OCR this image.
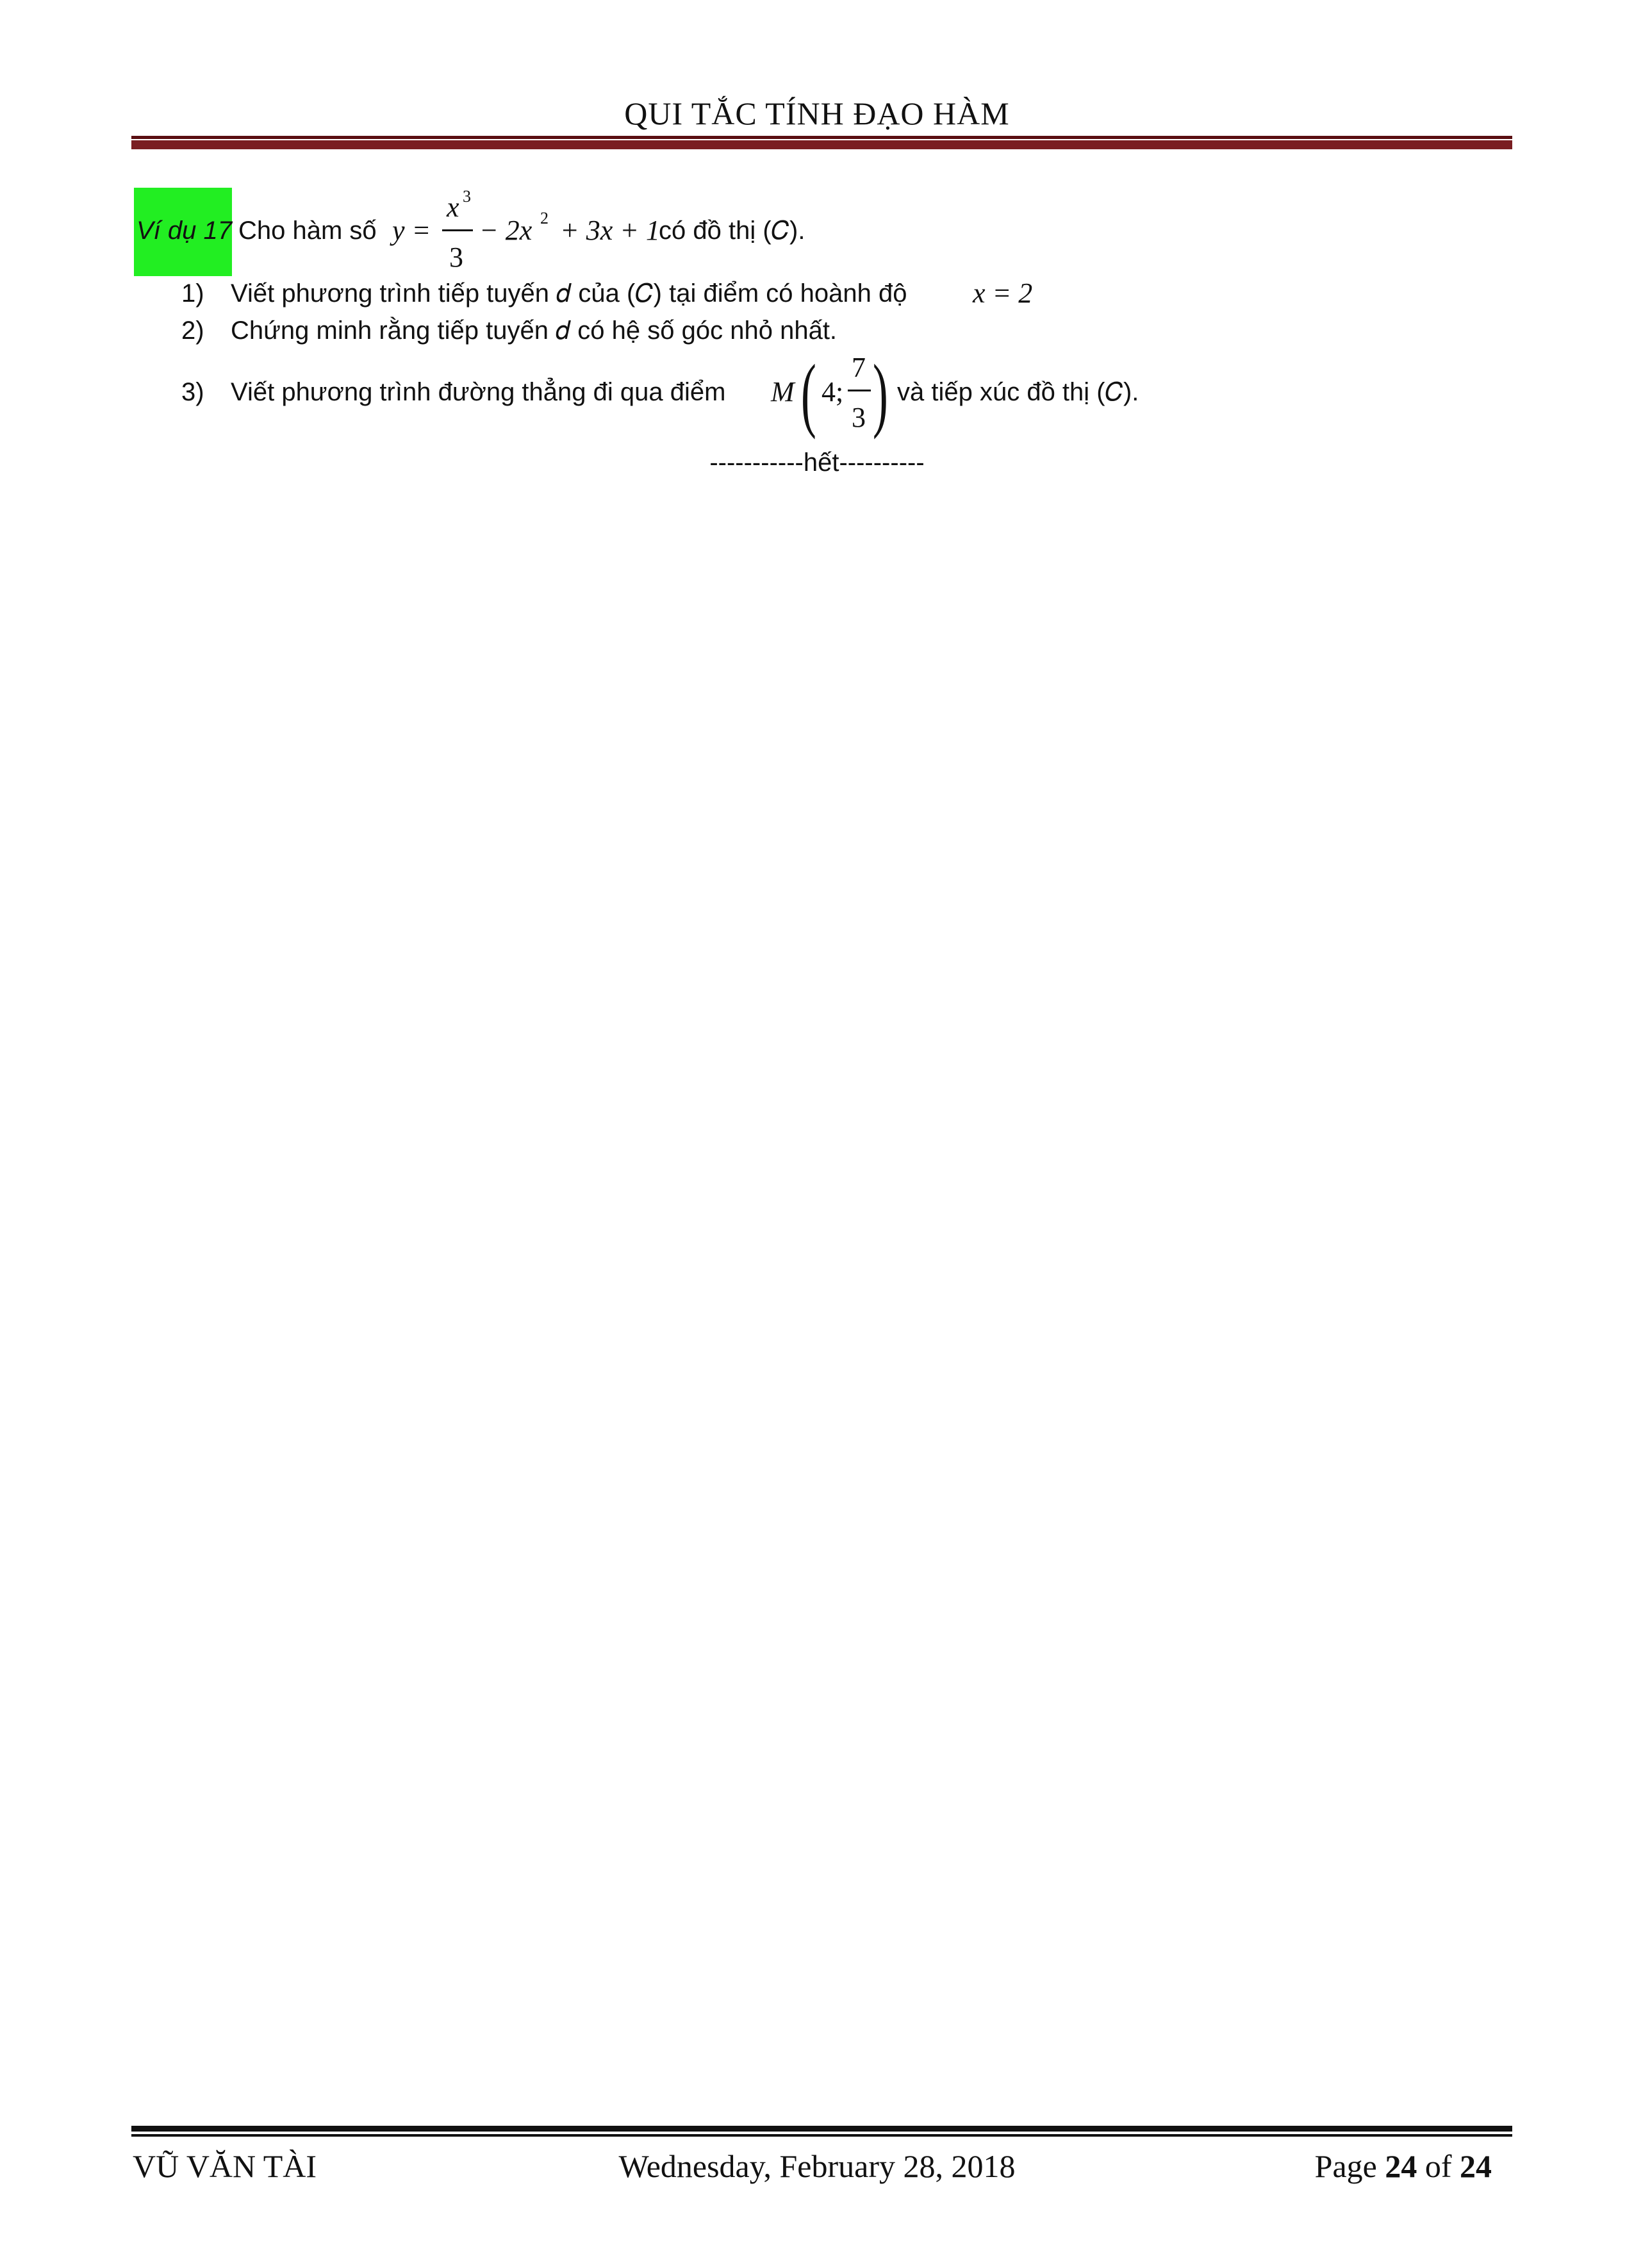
QUI TẮC TÍNH ĐẠO HÀM
Ví dụ 17 Cho hàm số y =
x 3
3
− 2x 2 + 3x + 1
có đồ thị (𝐶).
1) Viết phương trình tiếp tuyến 𝑑 của (𝐶) tại điểm có hoành độ x = 2
2) Chứng minh rằng tiếp tuyến 𝑑 có hệ số góc nhỏ nhất.
3) Viết phương trình đường thẳng đi qua điểm M ( 4;
7
3 ) và tiếp xúc đồ thị (𝐶).
-----------hết----------
VŨ VĂN TÀI	Wednesday, February 28, 2018	Page 24 of 24
